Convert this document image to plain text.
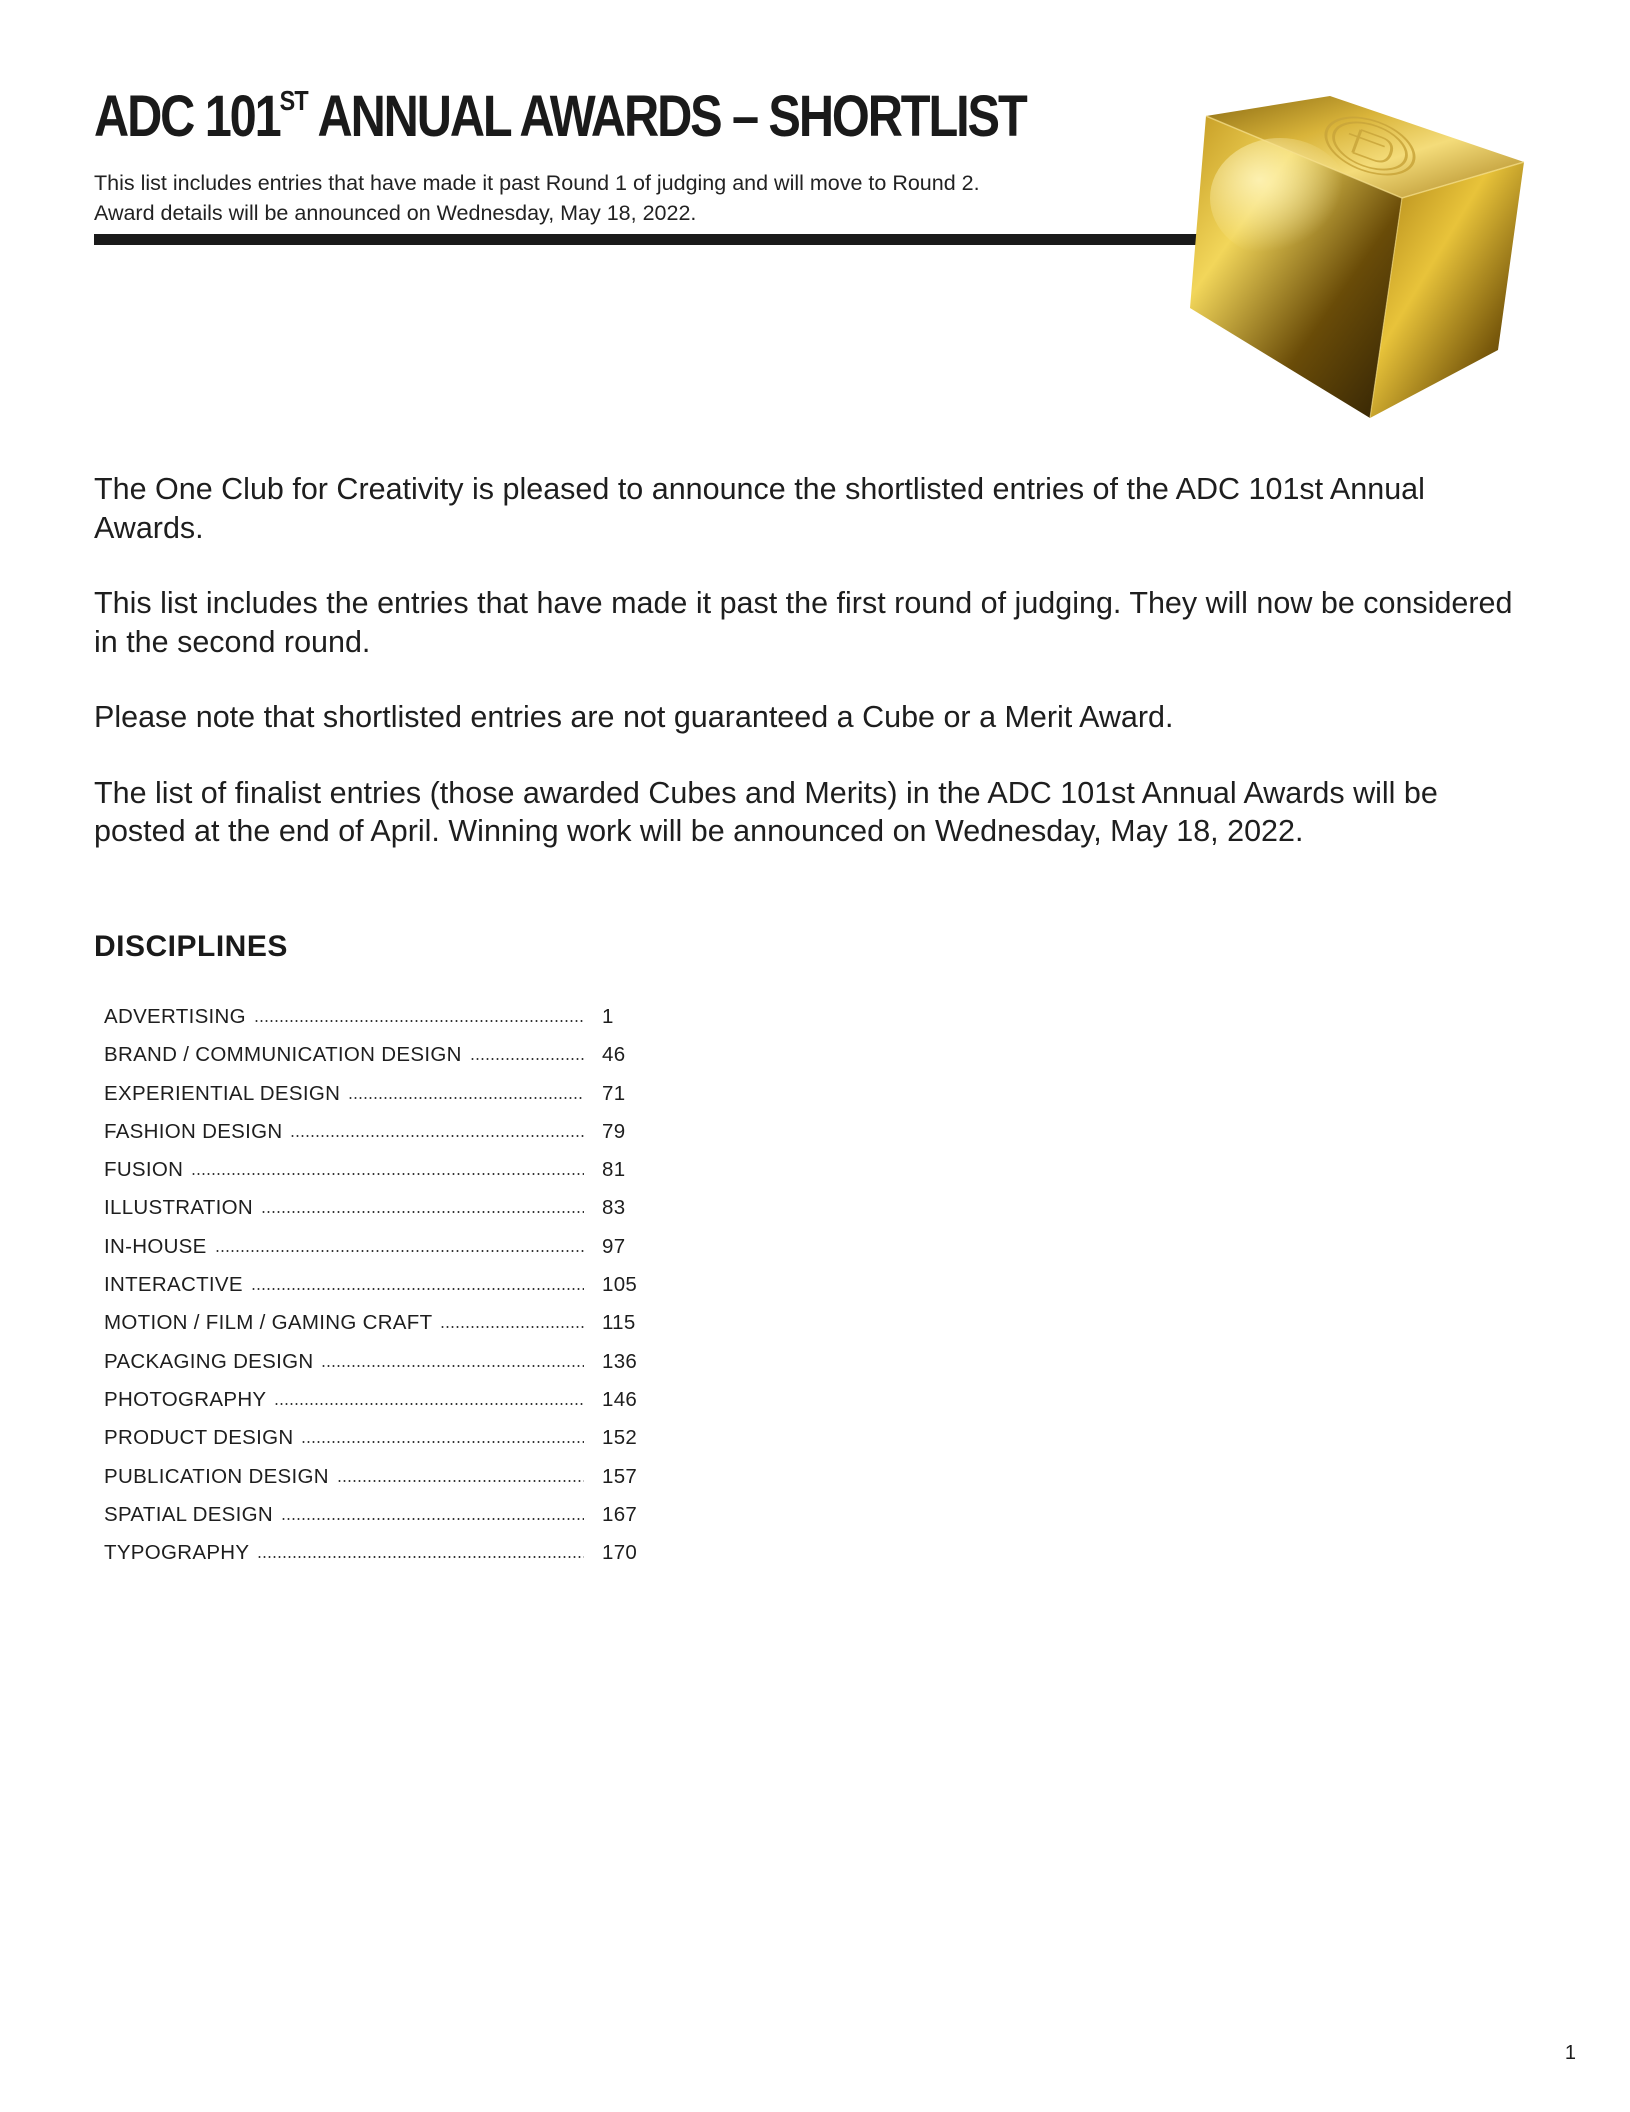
ADC 101ST ANNUAL AWARDS – SHORTLIST
This list includes entries that have made it past Round 1 of judging and will move to Round 2.
Award details will be announced on Wednesday, May 18, 2022.

The One Club for Creativity is pleased to announce the shortlisted entries of the ADC 101st Annual Awards.

This list includes the entries that have made it past the first round of judging. They will now be considered in the second round.

Please note that shortlisted entries are not guaranteed a Cube or a Merit Award.

The list of finalist entries (those awarded Cubes and Merits) in the ADC 101st Annual Awards will be posted at the end of April. Winning work will be announced on Wednesday, May 18, 2022.

DISCIPLINES
ADVERTISING	1
BRAND / COMMUNICATION DESIGN	46
EXPERIENTIAL DESIGN	71
FASHION DESIGN	79
FUSION	81
ILLUSTRATION	83
IN-HOUSE	97
INTERACTIVE	105
MOTION / FILM / GAMING CRAFT	115
PACKAGING DESIGN	136
PHOTOGRAPHY	146
PRODUCT DESIGN	152
PUBLICATION DESIGN	157
SPATIAL DESIGN	167
TYPOGRAPHY	170
1
